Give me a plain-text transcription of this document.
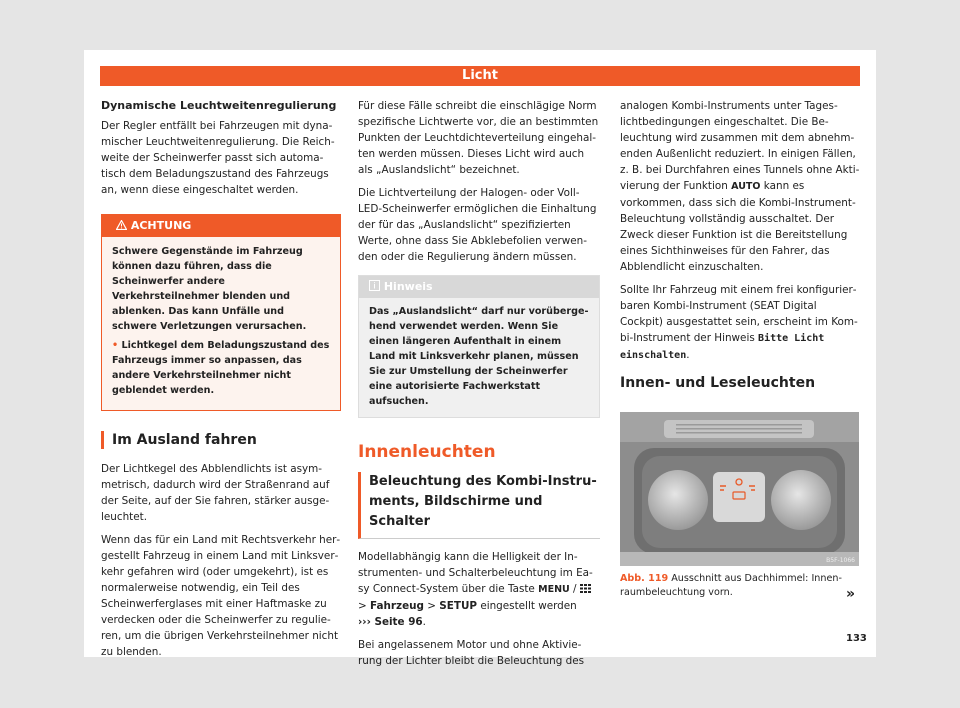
Licht
Dynamische Leuchtweitenregulierung

Der Regler entfällt bei Fahrzeugen mit dynamischer Leuchtweitenregulierung. Die Reichweite der Scheinwerfer passt sich automatisch dem Beladungszustand des Fahrzeugs an, wenn diese eingeschaltet werden.

ACHTUNG
Schwere Gegenstände im Fahrzeug können dazu führen, dass die Scheinwerfer andere Verkehrsteilnehmer blenden und ablenken. Das kann Unfälle und schwere Verletzungen verursachen.
• Lichtkegel dem Beladungszustand des Fahrzeugs immer so anpassen, das andere Verkehrsteilnehmer nicht geblendet werden.
Im Ausland fahren

Der Lichtkegel des Abblendlichts ist asymmetrisch, dadurch wird der Straßenrand auf der Seite, auf der Sie fahren, stärker ausgeleuchtet.

Wenn das für ein Land mit Rechtsverkehr hergestellt Fahrzeug in einem Land mit Linksverkehr gefahren wird (oder umgekehrt), ist es normalerweise notwendig, ein Teil des Scheinwerferglases mit einer Haftmaske zu verdecken oder die Scheinwerfer zu regulieren, um die übrigen Verkehrsteilnehmer nicht zu blenden.

Für diese Fälle schreibt die einschlägige Norm spezifische Lichtwerte vor, die an bestimmten Punkten der Leuchtdichteverteilung eingehalten werden müssen. Dieses Licht wird auch als „Auslandslicht“ bezeichnet.

Die Lichtverteilung der Halogen- oder Voll-LED-Scheinwerfer ermöglichen die Einhaltung der für das „Auslandslicht“ spezifizierten Werte, ohne dass Sie Abklebefolien verwenden oder die Regulierung ändern müssen.

Hinweis
Das „Auslandslicht“ darf nur vorübergehend verwendet werden. Wenn Sie einen längeren Aufenthalt in einem Land mit Linksverkehr planen, müssen Sie zur Umstellung der Scheinwerfer eine autorisierte Fachwerkstatt aufsuchen.
Innenleuchten
Beleuchtung des Kombi-Instruments, Bildschirme und Schalter

Modellabhängig kann die Helligkeit der Instrumenten- und Schalterbeleuchtung im Easy Connect-System über die Taste MENU /  > Fahrzeug > SETUP eingestellt werden
››› Seite 96.

Bei angelassenem Motor und ohne Aktivierung der Lichter bleibt die Beleuchtung des

analogen Kombi-Instruments unter Tageslichtbedingungen eingeschaltet. Die Beleuchtung wird zusammen mit dem abnehmenden Außenlicht reduziert. In einigen Fällen, z. B. bei Durchfahren eines Tunnels ohne Aktivierung der Funktion AUTO kann es vorkommen, dass sich die Kombi-Instrument-Beleuchtung vollständig ausschaltet. Der Zweck dieser Funktion ist die Bereitstellung eines Sichthinweises für den Fahrer, das Abblendlicht einzuschalten.

Sollte Ihr Fahrzeug mit einem frei konfigurierbaren Kombi-Instrument (SEAT Digital Cockpit) ausgestattet sein, erscheint im Kombi-Instrument der Hinweis Bitte Licht einschalten.

Innen- und Leseleuchten
B5F-1066
Abb. 119 Ausschnitt aus Dachhimmel: Innenraumbeleuchtung vorn.	»
133
